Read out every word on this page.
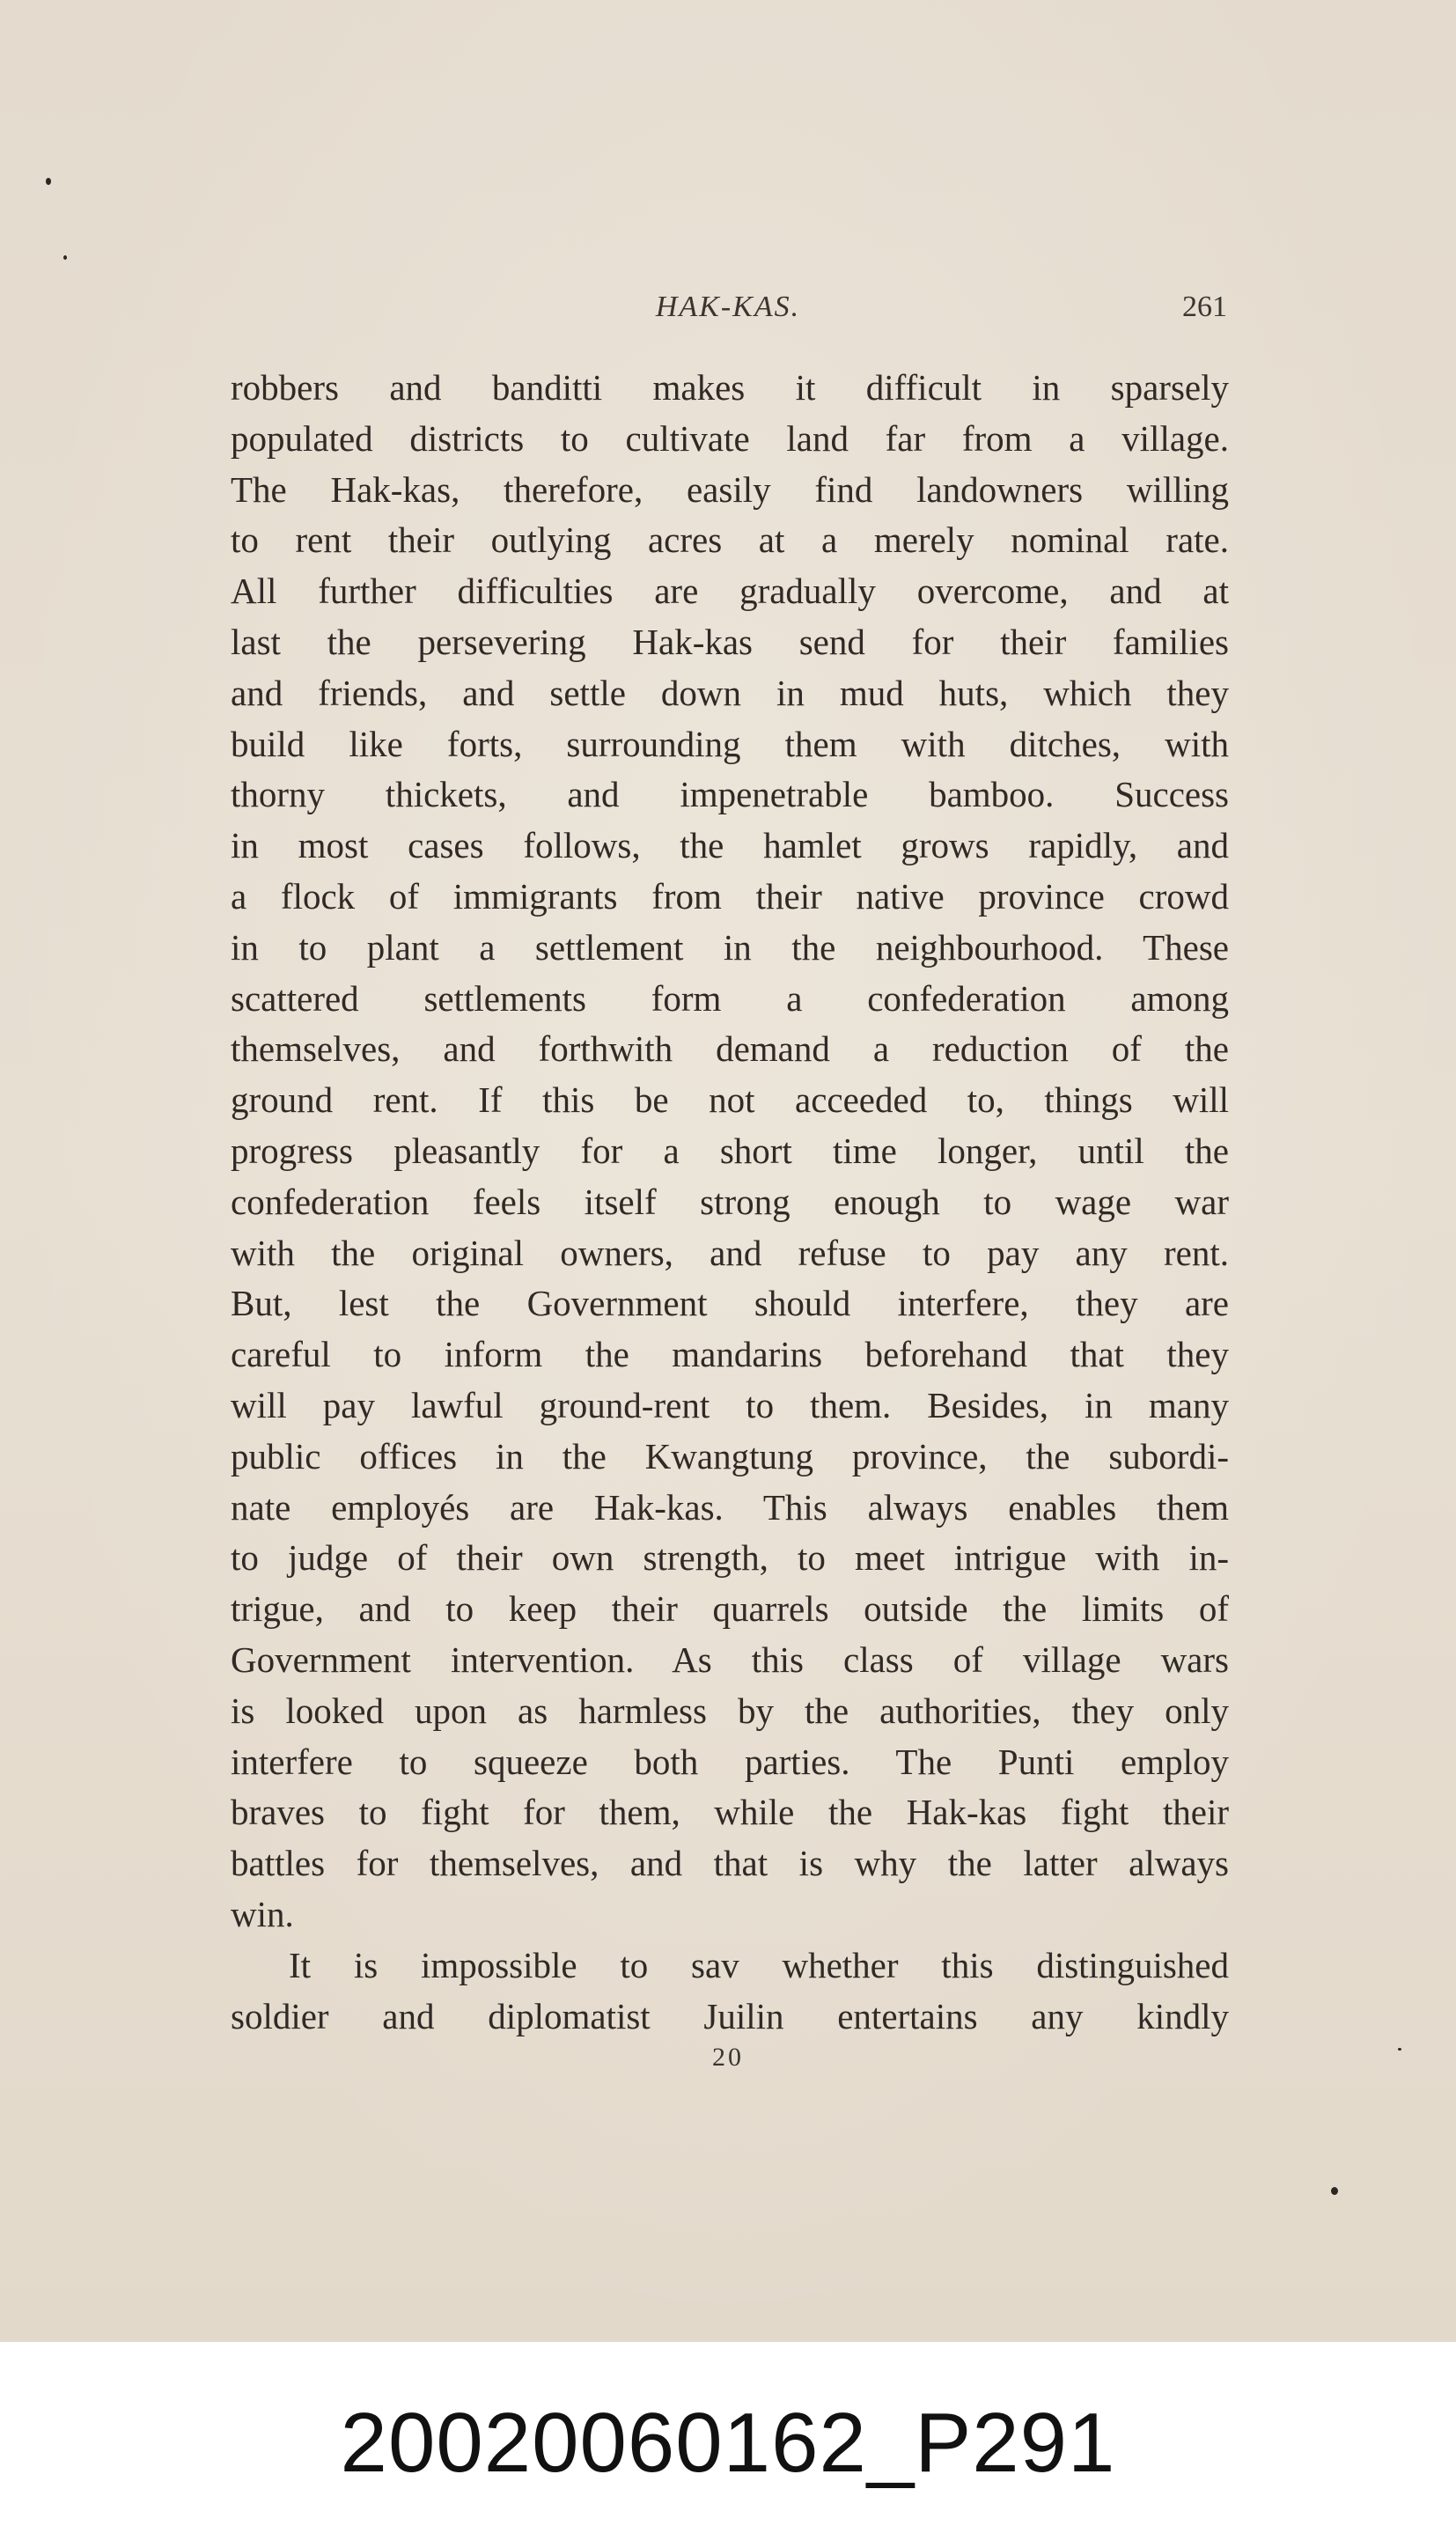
HAK-KAS.	261
robbers and banditti makes it difficult in sparsely
populated districts to cultivate land far from a village.
The Hak-kas, therefore, easily find landowners willing
to rent their outlying acres at a merely nominal rate.
All further difficulties are gradually overcome, and at
last the persevering Hak-kas send for their families
and friends, and settle down in mud huts, which they
build like forts, surrounding them with ditches, with
thorny thickets, and impenetrable bamboo. Success
in most cases follows, the hamlet grows rapidly, and
a flock of immigrants from their native province crowd
in to plant a settlement in the neighbourhood. These
scattered settlements form a confederation among
themselves, and forthwith demand a reduction of the
ground rent. If this be not acceeded to, things will
progress pleasantly for a short time longer, until the
confederation feels itself strong enough to wage war
with the original owners, and refuse to pay any rent.
But, lest the Government should interfere, they are
careful to inform the mandarins beforehand that they
will pay lawful ground-rent to them. Besides, in many
public offices in the Kwangtung province, the subordi-
nate employés are Hak-kas. This always enables them
to judge of their own strength, to meet intrigue with in-
trigue, and to keep their quarrels outside the limits of
Government intervention. As this class of village wars
is looked upon as harmless by the authorities, they only
interfere to squeeze both parties. The Punti employ
braves to fight for them, while the Hak-kas fight their
battles for themselves, and that is why the latter always
win.
It is impossible to sav whether this distinguished
soldier and diplomatist Juilin entertains any kindly
20
20020060162_P291
